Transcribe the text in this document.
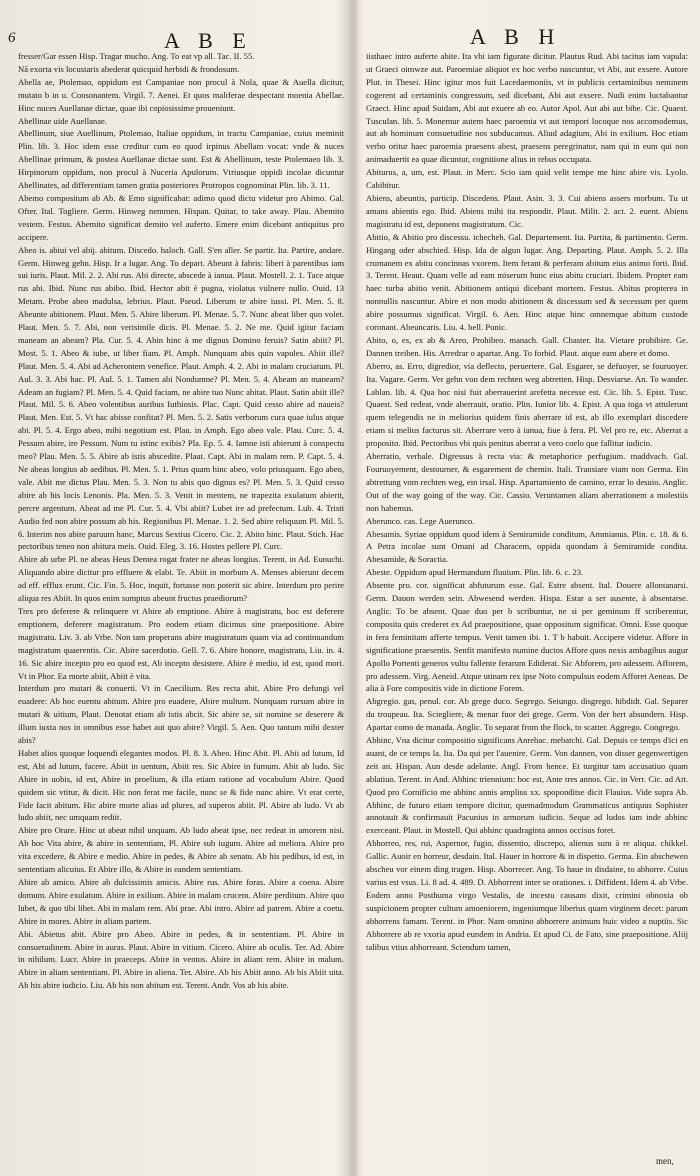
6	A B E	A B H

fresser/Gar essen Hisp. Tragar mucho. Ang. To eat vp all. Tac. II. 55.

Nā exorta vis locustaris abederat quicquid herbidi & frondosum.

Abella ae, Ptolemao, oppidum est Campaniae non procul à Nola, quae & Auella dicitur, mutato b in u. Consonantem. Virgil. 7. Aenei. Et quos maliferae despectant moenia Abellae. Hinc nuces Auellanae dictae, quae ibi copiosissime proueniunt.

Abellinae uide Auellanae.

Abellinum, siue Auellinum, Ptolemao, Italiae oppidum, in tractu Campaniae, cuius meminit Plin. lib. 3. Hoc idem esse creditur cum eo quod irpinus Abellam vocat: vnde & nuces Abellinae primum, & postea Auellanae dictae sunt. Est & Abellinum, teste Ptolemaeo lib. 3. Hirpinorum oppidum, non procul à Nuceria Apulorum. Vtriusque oppidi incolae dicuntur Abellinates, ad differentiam tamen gratia posteriores Protropos cognominat Plin. lib. 3. 11.

Abemo compositum ab Ab. & Emo significabat: adimo quod dictu videtur pro Abimo. Gal. Ofter. Ital. Togliere. Germ. Hinweg nemmen. Hispan. Quitar, to take away. Plau. Abemito vestem. Festus. Abemito significat demito vel auferto. Emere enim dicebant antiquitus pro accipere.

Abeo is. abiui vel abij. abitum. Discedo. haloch. Gall. S'en aller. Se partir. Ita. Partire, andare. Germ. Hinweg gehn. Hisp. Ir a lugar. Ang. To depart. Abeunt à fabris: liberi à parentibus iam sui iuris. Plaut. Mil. 2. 2. Abi rus. Abi directe, abscede à ianua. Plaut. Mostell. 2. 1. Tace atque rus abi. Ibid. Nunc rus abibo. Ibid. Hector abit è pugna, violatus vulnere nullo. Ouid. 13 Metam. Probe abeo madulsa, lebrius. Plaut. Pseud. Liberum te abire iussi. Pl. Men. 5. 8. Abeunte abitionem. Plaut. Men. 5. Abire liberum. Pl. Menae. 5. 7. Nunc abeat liber quo volet. Plaut. Men. 5. 7. Abi, non verisimile dicis. Pl. Menae. 5. 2. Ne me. Quid igitur faciam maneam an abeam? Pla. Cur. 5. 4. Abin hinc à me dignus Domino feruis? Satin abiit? Pl. Most. 5. 1. Abeo & iube, ut liber fiam. Pl. Amph. Nunquam abis quin vapules. Abiit ille? Plaut. Men. 5. 4. Abi ad Acherontem venefice. Plaut. Amph. 4. 2. Abi in malam cruciatum. Pl. Aul. 3. 3. Abi hac. Pl. Aul. 5. 1. Tamen abi Nondumne? Pl. Men. 5. 4. Abeam an maneam? Adeam an fugiam? Pl. Men. 5. 4. Quid faciam, ne abire tuo Nunc abitat. Plaut. Satin abiit ille? Plaut. Mil. 5. 6. Abeo volentibus auribus Iuthiosis. Plac. Capt. Quid cesso abire ad naueis? Plaut. Men. Est. 5. Vt hac abisse confitat? Pl. Men. 5. 2. Satis verborum cura quae iulus atque abi. Pl. 5. 4. Ergo abeo, mihi negotium est. Plau. in Amph. Ego abeo vale. Plau. Curc. 5. 4. Pessum abire, ire Pessum. Num tu istinc exibis? Pla. Ep. 5. 4. Iamne isti abierunt à conspectu meo? Plau. Men. 5. 5. Abire ab istis abscedite. Plaut. Capt. Abi in malam rem. P. Capt. 5. 4. Ne abeas longius ab aedibus. Pl. Men. 5. 1. Prius quam hinc abeo, volo priusquam. Ego abeo, vale. Abit me dictus Plau. Men. 5. 3. Non tu abis quo dignus es? Pl. Men. 5. 3. Quid cesso abire ab his locis Lenonis. Pla. Men. 5. 3. Venit in mentem, ne trapezita exulatum abierit, percre argentum. Abeat ad me Pl. Cur. 5. 4. Vbi abiit? Lubet ire ad prefectum. Lub. 4. Tristi Audio fed non abire possum ab his. Regionibus Pl. Menae. 1. 2. Sed abire reliquum Pl. Mil. 5. 6. Interim nos abire paruum hanc, Marcus Sextius Cicero. Cic. 2. Abito hinc. Plaut. Stich. Hac pectoribus teneo non abitura meis. Ouid. Eleg. 3. 16. Hostes pellere Pl. Curc.

Abire ab urbe Pl. ne abeas Heus Demea rogat frater ne abeas longius. Terent. in Ad. Eunuchi. Aliquando abire dicitur pro effluere & elabi. Te. Abiit in morbum A. Menses abierunt decem ad eff. efflux erunt. Cic. Fin. 5. Hoc, inquit, fortasse non poterit sic abire. Interdum pro perire aliqua res Abiit. In quos enim sumptus abeunt fructus praediorum?

Tres pro deferere & relinquere vt Abire ab emptione. Abire à magistratu, hoc est deferere emptionem, deferere magistratum. Pro eodem etiam dicimus sine praepositione. Abire magistratu. Liv. 3. ab Vrbe. Non tam properans abire magistratum quam via ad continuandum magistratum quaerentis. Cic. Abire sacerdotio. Gell. 7. 6. Abire honore, magistratu, Liu. in. 4. 16. Sic abire incepto pro eo quod est, Ab incepto desistere. Abire è medio, id est, quod mori. Vt in Phor. Ea morte abiit, Abiit è vita.

Interdum pro mutari & conuerti. Vt in Caecilium. Res recta abit. Abire Pro defungi vel euadere: Ab hoc euentu abitum. Abire pro euadere, Abire multum. Nunquam rursum abire in mutari & uitium, Plaut. Denotat etiam ab istis abcit. Sic abire se, sit nomine se deserere & illum iuxta nos in omnibus esse habet aut quo abire? Virgil. 5. Aen. Quo tantum mihi dexter abis?

Habet alios quoque loquendi elegantes modos. Pl. 8. 3. Abeo. Hinc Abit. Pl. Abii ad lutum, Id est, Abi ad lutum, facere. Abiit in uentum, Abiit res. Sic Abire in fumum. Abit ab ludo. Sic Abire in uobis, id est, Abire in proelium, & illa etiam ratione ad vocabulum Abire. Quod quidem sic vtitur, & dicit. Hic non ferat me facile, nunc se & fide nunc abire. Vt erat certe, Fide facit abitum. Hic abire morte alias ad plures, ad superos abiit. Pl. Abire ab ludo. Vt ab ludo abiit, nec umquam rediit.

Abire pro Orare. Hinc ut abeat nihil unquam. Ab ludo abeat ipse, nec redeat in amorem nisi. Ab hoc Vita abire, & abire in sententiam, Pl. Abire sub iugum. Abire ad meliora. Abire pro vita excedere, & Abire e medio. Abire in pedes, & Abire ab senatu. Ab his pedibus, id est, in sententiam alicuius. Et Abire illo, & Abire in eandem sententiam.

Abire ab amico. Abire ab dulcissimis amicis. Abire rus. Abire foras. Abire a coena. Abire domum. Abire exulatum. Abire in exilium. Abire in malam crucem. Abire perditum. Abire quo lubet, & quo tibi libet. Abi in malam rem. Abi prae. Abi intro. Abire ad patrem. Abire a coetu. Abire in mores. Abire in aliam partem.

Abi. Abietus abit. Abire pro Abeo. Abire in pedes, & in sententiam. Pl. Abire in consuetudinem. Abire in auras. Plaut. Abire in vitium. Cicero. Abire ab oculis. Ter. Ad. Abire in nihilum. Lucr. Abire in praeceps. Abire in ventos. Abire in aliam rem. Abire in malum. Abire in aliam sententiam. Pl. Abire in aliena. Ter. Abire. Ab his Abiit anno. Ab his Abiit uita. Ab his abire iudicio. Liu. Ab his non abitum est. Terent. Andr. Vos ab his abite.

iisthaec intro auferte abite. Ita vbi iam figurate dicitur. Plautus Rud. Abi tacitus iam vapula: ut Graeci oimwze aut. Paroemiae aliquot ex hoc verbo nascuntur, vt Abi, aut exsere. Autore Plut. in Thesei. Hinc igitur mos fuit Lacedaemoniis, vt in publicis certaminibus neminem cogerent ad certaminis congressum, sed dicebant, Abi aut exsere. Nudi enim luctabantur Graeci. Hinc apud Suidam, Abi aut exuere ab eo. Autor Apol. Aut abi aut bibe. Cic. Quaest. Tusculan. lib. 5. Monemur autem haec paroemia vt aut tempori locoque nos accomodemus, aut ab hominum consuetudine nos subducamus. Aliud adagium, Abi in exilium. Hoc etiam verbo oritur haec paroemia praesens abest, praesens peregrinatur, nam qui in eum qui non animaduertit ea quae dicuntur, cognitione alius in rebus occupata.

Abiturus, a, um, est. Plaut. in Merc. Scio iam quid velit tempe me hinc abire vis. Lyolo. Cabibitur.

Abiens, abeuntis, particip. Discedens. Plaut. Asin. 3. 3. Cui abiens assers morbum. Tu ut amans abientis ego. Ibid. Abiens mihi ita respondit. Plaut. Milit. 2. act. 2. euent. Abiens magistratu id est, deponens magistratum. Cic.

Abitio, & Abitio pro discessu. ichecheh. Gal. Departement. Ita. Partita, & partimento. Germ. Hingang oder abschied. Hisp. Ida de algun lugar. Ang. Departing. Plaut. Amph. 5. 2. Illa crumanem ex abitu concinnas vxorem. Item ferant & perferam abitum eius animo forti. Ibid. 3. Terent. Heaut. Quam velle ad eam miserum hunc eius abitu cruciari. Ibidem. Propter eam haec turba abitio venit. Abitionem antiqui dicebant mortem. Festus. Abitus propterea in nonnullis nascuntur. Abire et non modo abitionem & discessum sed & secessum per quem abire possumus significat. Virgil. 6. Aen. Hinc atque hinc omnemque abitum custode coronant. Abeuncaris. Liu. 4. bell. Punic.

Abito, o, es, ex ab & Areo, Prohibeo. manach. Gall. Chaster. Ita. Vietare prohibire. Ge. Dannen treiben. His. Arredrar o apartar. Ang. To forbid. Plaut. atque eam abere et domo.

Aberro, as. Erro, digredior, via deflecto, peruertere. Gal. Esgarer, se defuoyer, se fouruoyer. Ita. Vagare. Germ. Ver gehn von dem rechten weg abtretten. Hisp. Desviarse. An. To wander. Lablan. lib. 4. Qua hoc nisi fuit aberrauerint arefetta necesse est. Cic. lib. 5. Epist. Tusc. Quaest. Sed redeat, vnde aberrauit, oratio. Plin. Iunior lib. 4. Epist. A qua toga vt attulerunt quem telegendis ne in meliorius quidem finis aberrare id est, ab illo exemplari discedere etiam si melius facturus sit. Aberrare vero à ianua, fiue à fera. Pl. Vel pro re, etc. Aberrat a proposito. Ibid. Pectoribus vbi quis penitus aberrat a vero coelo que fallitur iudicio.

Aberratio, verbale. Digressus à recta via: & metaphorice perfugium. maddvach. Gal. Fouruoyement, destourner, & esgarement de chemin. Itali. Transiare viam non Germa. Ein abtrettung vom rechten weg, ein irsal. Hisp. Apartamiento de camino, errar lo desuio. Anglic. Out of the way going of the way. Cic. Cassio. Veruntamen aliam aberrationem a molestiis non habemus.

Aberunco. cas. Lege Auerunco.

Abesamis. Syriae oppidum quod idem à Semiramide conditum, Ammianus. Plin. c. 18. & 6. A Petra incolae sunt Omani ad Characem, oppida quondam à Semiramide condita. Abesamide, & Soractia.

Abeste. Oppidum apud Hermandum fluuium. Plin. lib. 6. c. 23.

Absente pro. cor. significat abfuturum esse. Gal. Estre absent. Ital. Douere allontanarsi. Germ. Dauon werden sein. Abwesend werden. Hispa. Estar a ser ausente, à absentarse. Anglic. To be absent. Quae duo per b scribuntur, ne si per geminum ff scriberentur, composita quis crederet ex Ad praepositione, quae oppositum significat. Omni. Esse quoque in fera feminitam afferte tempus. Venit tamen ibi. 1. T b habuit. Accipere videtur. Affore in significatione praesentis. Senfit manifesto numine ductos Affore quos nexis ambagibus augur Apollo Portenti generos vultu fallente ferarum Ediderat. Sic Abforem, pro adessem. Afforem, pro adessem. Virg. Aeneid. Atque utinam rex ipse Noto compulsus eodem Afforet Aeneas. De alia à Fore compositis vide in dictione Forem.

Abgregio. gas, penul. cor. Ab grege duco. Segrego. Seiungo. disgrego. hibdidt. Gal. Separer du troupeau. Ita. Sciegliere, & menar fuor dei grege. Germ. Von der hert absundern. Hisp. Apartar como de manada. Anglic. To separat from the flock, to scatter. Aggrego. Congrego.

Abhinc, Vna dicitur compositio significans Anrehac. mebatchi. Gal. Depuis ce temps d'ici en auant, de ce temps la. Ita. Da qui per l'auenire. Germ. Von dannen, von disser gegenwertigen zeit an. Hispan. Aun desde adelante. Angl. From hence. Et turgitur tam accusatiuo quam ablatiuo. Terent. in And. Abhinc triennium: hoc est, Ante tres annos. Cic. in Verr. Cic. ad Att. Quod pro Cornificio me abhinc annis amplius xx. spoponditse dicit Flauius. Vide supra Ab. Abhinc, de futuro etiam tempore dicitur, quemadmodum Grammaticus antiquus Sophister annotauit & confirmauit Pacunius in armorum iudicio. Seque ad ludos iam inde abhinc exerceant. Plaut. in Mostell. Qui abhinc quadraginta annos occisus foret.

Abhorreo, res, rui, Aspernor, fugio, dissentio, discrepo, alienus sum à re aliqua. chikkel. Gallic. Auoir en horreur, desdain. Ital. Hauer in horrore & in dispetto. Germa. Ein abschewen abscheu vor einem ding tragen. Hisp. Aborrecer. Ang. To haue in disdaine, to abhorre. Cuius varius est vsus. Li. 8 ad. 4. 489. D. Abhorrent inter se orationes. i. Diffident. Idem 4. ab Vrbe. Eodem anno Posthuma virgo Vestalis, de incestu causam dixit, crimini obnoxia ob suspicionem propter cultum amoeniorem, ingeniumque liberius quam virginem decet: parum abhorrens famam. Terent. in Phor. Nam omnino abhorrere animum huic video a nuptiis. Sic Abhorrere ab re vxoria apud eundem in Andria. Et apud Ci. de Fato, sine praepositione. Aliij talibus vtius abhorreant. Sciendum tamen,

men,
